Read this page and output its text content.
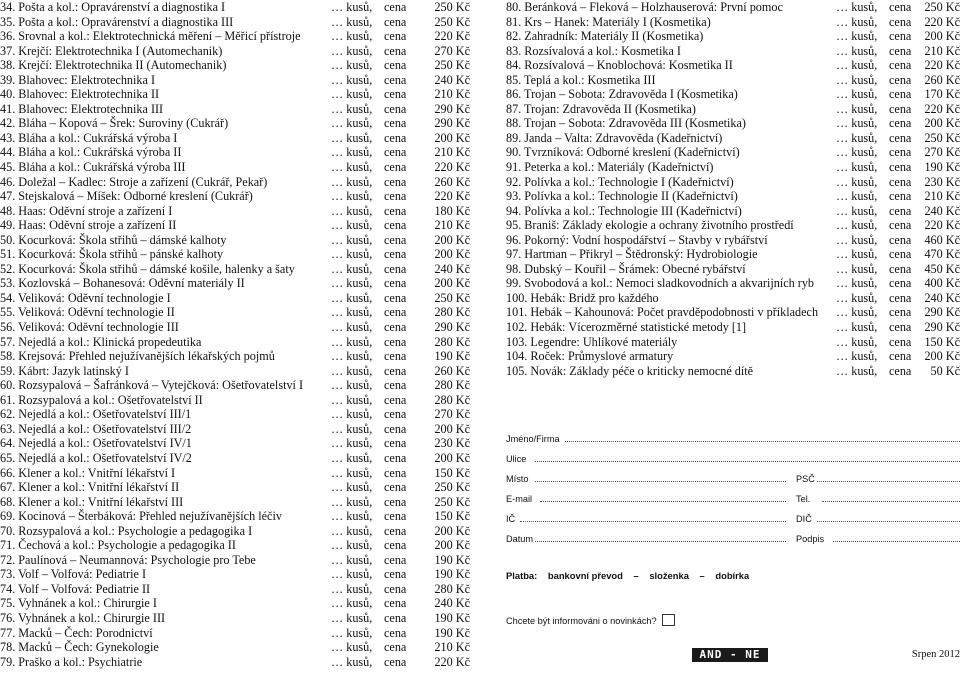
34. Pošta a kol.: Opravárenství a diagnostika I	… kusů, cena	250 Kč
35. Pošta a kol.: Opravárenství a diagnostika III	… kusů, cena	250 Kč
36. Srovnal a kol.: Elektrotechnická měření – Měřicí přístroje	… kusů, cena	220 Kč
37. Krejčí: Elektrotechnika I (Automechanik)	… kusů, cena	270 Kč
38. Krejčí: Elektrotechnika II (Automechanik)	… kusů, cena	250 Kč
39. Blahovec: Elektrotechnika I	… kusů, cena	240 Kč
40. Blahovec: Elektrotechnika II	… kusů, cena	210 Kč
41. Blahovec: Elektrotechnika III	… kusů, cena	290 Kč
42. Bláha – Kopová – Šrek: Suroviny (Cukrář)	… kusů, cena	290 Kč
43. Bláha a kol.: Cukrářská výroba I	… kusů, cena	200 Kč
44. Bláha a kol.: Cukrářská výroba II	… kusů, cena	210 Kč
45. Bláha a kol.: Cukrářská výroba III	… kusů, cena	220 Kč
46. Doležal – Kadlec: Stroje a zařízení (Cukrář, Pekař)	… kusů, cena	260 Kč
47. Stejskalová – Míšek: Odborné kreslení (Cukrář)	… kusů, cena	220 Kč
48. Haas: Oděvní stroje a zařízení I	… kusů, cena	180 Kč
49. Haas: Oděvní stroje a zařízení II	… kusů, cena	210 Kč
50. Kocurková: Škola střihů – dámské kalhoty	… kusů, cena	200 Kč
51. Kocurková: Škola střihů – pánské kalhoty	… kusů, cena	200 Kč
52. Kocurková: Škola střihů – dámské košile, halenky a šaty	… kusů, cena	240 Kč
53. Kozlovská – Bohanesová: Oděvní materiály II	… kusů, cena	200 Kč
54. Veliková: Oděvní technologie I	… kusů, cena	250 Kč
55. Veliková: Oděvní technologie II	… kusů, cena	280 Kč
56. Veliková: Oděvní technologie III	… kusů, cena	290 Kč
57. Nejedlá a kol.: Klinická propedeutika	… kusů, cena	280 Kč
58. Krejsová: Přehled nejužívanějších lékařských pojmů	… kusů, cena	190 Kč
59. Kábrt: Jazyk latinský I	… kusů, cena	260 Kč
60. Rozsypalová – Šafránková – Vytejčková: Ošetřovatelství I	… kusů, cena	280 Kč
61. Rozsypalová a kol.: Ošetřovatelství II	… kusů, cena	280 Kč
62. Nejedlá a kol.: Ošetřovatelství III/1	… kusů, cena	270 Kč
63. Nejedlá a kol.: Ošetřovatelství III/2	… kusů, cena	200 Kč
64. Nejedlá a kol.: Ošetřovatelství IV/1	… kusů, cena	230 Kč
65. Nejedlá a kol.: Ošetřovatelství IV/2	… kusů, cena	200 Kč
66. Klener a kol.: Vnitřní lékařství I	… kusů, cena	150 Kč
67. Klener a kol.: Vnitřní lékařství II	… kusů, cena	250 Kč
68. Klener a kol.: Vnitřní lékařství III	… kusů, cena	250 Kč
69. Kocinová – Šterbáková: Přehled nejužívanějších léčiv	… kusů, cena	150 Kč
70. Rozsypalová a kol.: Psychologie a pedagogika I	… kusů, cena	200 Kč
71. Čechová a kol.: Psychologie a pedagogika II	… kusů, cena	200 Kč
72. Paulínová – Neumannová: Psychologie pro Tebe	… kusů, cena	190 Kč
73. Volf – Volfová: Pediatrie I	… kusů, cena	190 Kč
74. Volf – Volfová: Pediatrie II	… kusů, cena	280 Kč
75. Vyhnánek a kol.: Chirurgie I	… kusů, cena	240 Kč
76. Vyhnánek a kol.: Chirurgie III	… kusů, cena	190 Kč
77. Macků – Čech: Porodnictví	… kusů, cena	190 Kč
78. Macků – Čech: Gynekologie	… kusů, cena	210 Kč
79. Praško a kol.: Psychiatrie	… kusů, cena	220 Kč
80. Beránková – Fleková – Holzhauserová: První pomoc	… kusů, cena	250 Kč
81. Krs – Hanek: Materiály I (Kosmetika)	… kusů, cena	220 Kč
82. Zahradník: Materiály II (Kosmetika)	… kusů, cena	200 Kč
83. Rozsívalová a kol.: Kosmetika I	… kusů, cena	210 Kč
84. Rozsívalová – Knoblochová: Kosmetika II	… kusů, cena	220 Kč
85. Teplá a kol.: Kosmetika III	… kusů, cena	260 Kč
86. Trojan – Sobota: Zdravověda I (Kosmetika)	… kusů, cena	170 Kč
87. Trojan: Zdravověda II (Kosmetika)	… kusů, cena	220 Kč
88. Trojan – Sobota: Zdravověda III (Kosmetika)	… kusů, cena	200 Kč
89. Janda – Valta: Zdravověda (Kadeřnictví)	… kusů, cena	250 Kč
90. Tvrzníková: Odborné kreslení (Kadeřnictví)	… kusů, cena	270 Kč
91. Peterka a kol.: Materiály (Kadeřnictví)	… kusů, cena	190 Kč
92. Polívka a kol.: Technologie I (Kadeřnictví)	… kusů, cena	230 Kč
93. Polívka a kol.: Technologie II (Kadeřnictví)	… kusů, cena	210 Kč
94. Polívka a kol.: Technologie III (Kadeřnictví)	… kusů, cena	240 Kč
95. Braniš: Základy ekologie a ochrany životního prostředí	… kusů, cena	220 Kč
96. Pokorný: Vodní hospodářství – Stavby v rybářství	… kusů, cena	460 Kč
97. Hartman – Přikryl – Štědronský: Hydrobiologie	… kusů, cena	470 Kč
98. Dubský – Kouřil – Šrámek: Obecné rybářství	… kusů, cena	450 Kč
99. Svobodová a kol.: Nemoci sladkovodních a akvarijních ryb	… kusů, cena	400 Kč
100. Hebák: Bridž pro každého	… kusů, cena	240 Kč
101. Hebák – Kahounová: Počet pravděpodobnosti v příkladech	… kusů, cena	290 Kč
102. Hebák: Vícerozměrné statistické metody [1]	… kusů, cena	290 Kč
103. Legendre: Uhlíkové materiály	… kusů, cena	150 Kč
104. Roček: Průmyslové armatury	… kusů, cena	200 Kč
105. Novák: Základy péče o kriticky nemocné dítě	… kusů, cena	50 Kč
Jméno/Firma
Ulice
Místo	PSČ
E-mail	Tel.
IČ	DIČ
Datum	Podpis
Platba: bankovní převod – složenka – dobírka
Chcete být informováni o novinkách?
AND - NE	Srpen 2012
